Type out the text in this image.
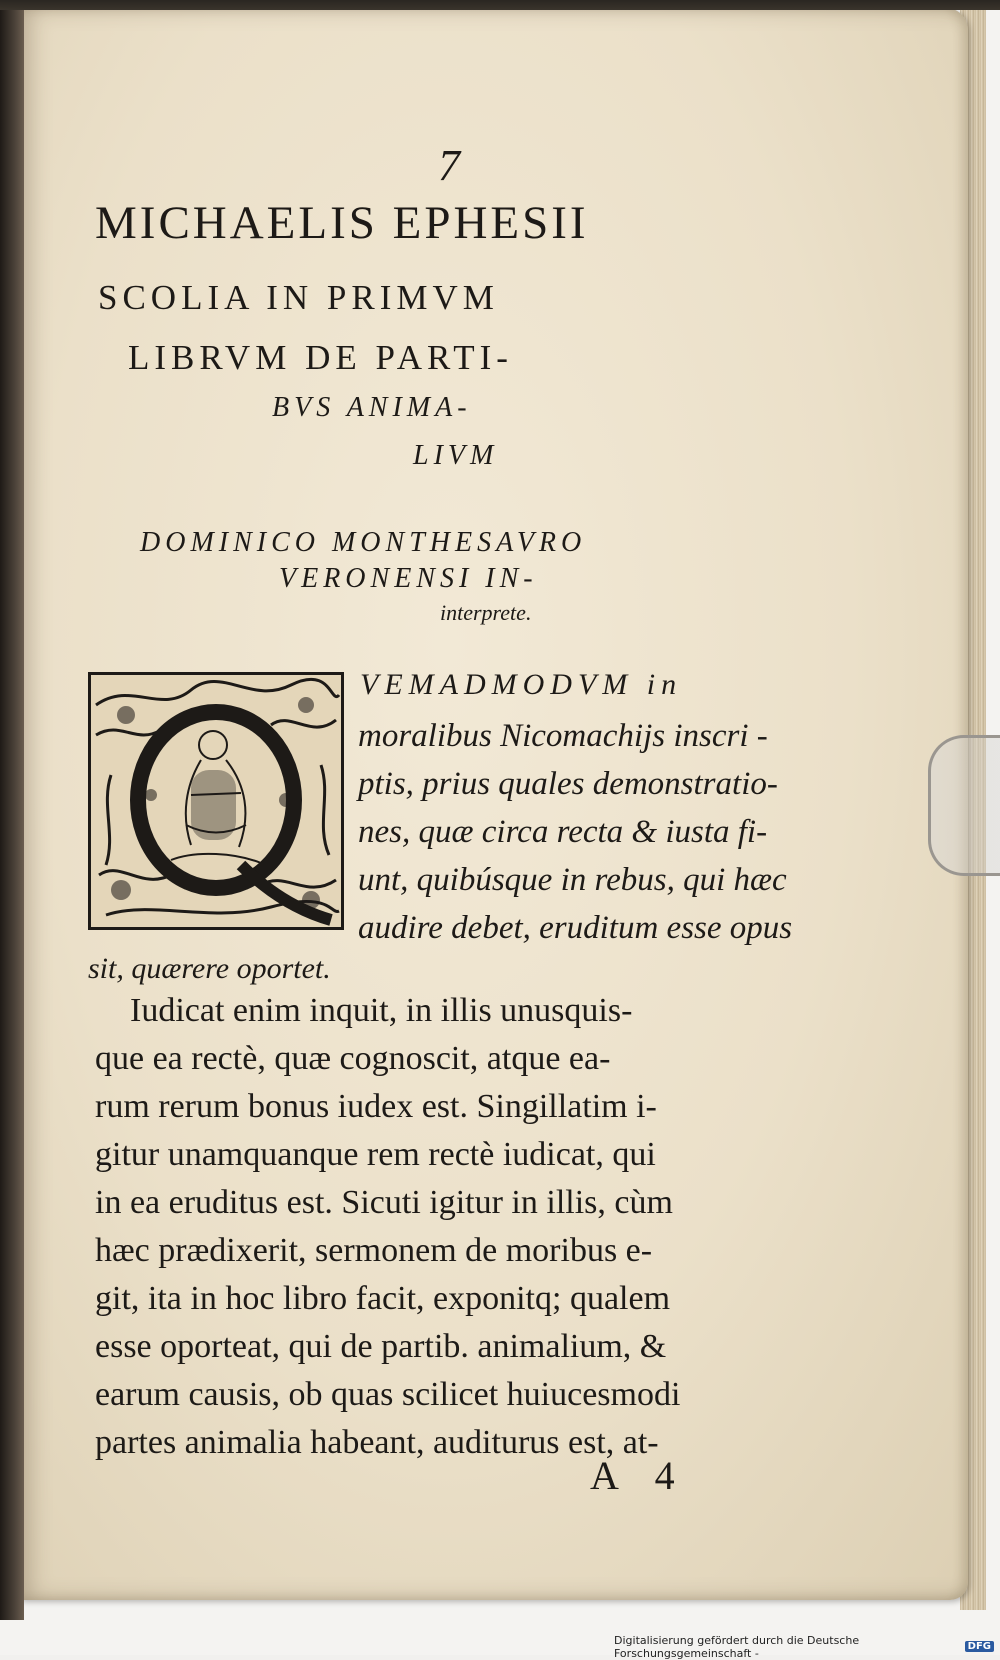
7
MICHAELIS EPHESII
SCOLIA IN PRIMVM
LIBRVM DE PARTI-
BVS ANIMA-
LIVM
DOMINICO MONTHESAVRO
VERONENSI IN-
interprete.
VEMADMODVM in
moralibus Nicomachijs inscri -
ptis, prius quales demonstratio-
nes, quæ circa recta & iusta fi-
unt, quibúsque in rebus, qui hæc
audire debet, eruditum esse opus
sit, quærere oportet.
Iudicat enim inquit, in illis unusquis-
que ea rectè, quæ cognoscit, atque ea-
rum rerum bonus iudex est. Singillatim i-
gitur unamquanque rem rectè iudicat, qui
in ea eruditus est. Sicuti igitur in illis, cùm
hæc prædixerit, sermonem de moribus e-
git, ita in hoc libro facit, exponitq; qualem
esse oporteat, qui de partib. animalium, &
earum causis, ob quas scilicet huiucesmodi
partes animalia habeant, auditurus est, at-
A 4
Digitalisierung gefördert durch die Deutsche Forschungsgemeinschaft -	DFG
